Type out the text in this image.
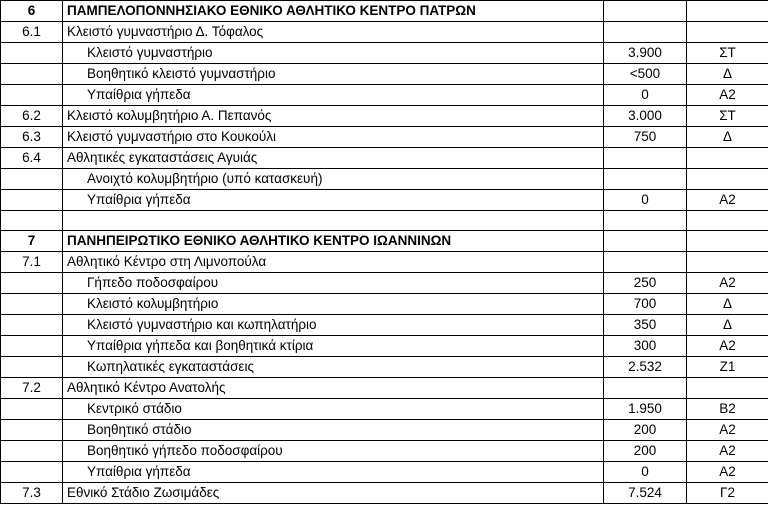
6	ΠΑΜΠΕΛΟΠΟΝΝΗΣΙΑΚΟ ΕΘΝΙΚΟ ΑΘΛΗΤΙΚΟ ΚΕΝΤΡΟ ΠΑΤΡΩΝ		
6.1	Κλειστό γυμναστήριο Δ. Τόφαλος		
	Κλειστό γυμναστήριο	3.900	ΣΤ
	Βοηθητικό κλειστό γυμναστήριο	<500	Δ
	Υπαίθρια γήπεδα	0	Α2
6.2	Κλειστό κολυμβητήριο Α. Πεπανός	3.000	ΣΤ
6.3	Κλειστό γυμναστήριο στο Κουκούλι	750	Δ
6.4	Αθλητικές εγκαταστάσεις Αγυιάς		
	Ανοιχτό κολυμβητήριο (υπό κατασκευή)		
	Υπαίθρια γήπεδα	0	Α2

7	ΠΑΝΗΠΕΙΡΩΤΙΚΟ ΕΘΝΙΚΟ ΑΘΛΗΤΙΚΟ ΚΕΝΤΡΟ ΙΩΑΝΝΙΝΩΝ		
7.1	Αθλητικό Κέντρο στη Λιμνοπούλα		
	Γήπεδο ποδοσφαίρου	250	Α2
	Κλειστό κολυμβητήριο	700	Δ
	Κλειστό γυμναστήριο και κωπηλατήριο	350	Δ
	Υπαίθρια γήπεδα και βοηθητικά κτίρια	300	Α2
	Κωπηλατικές εγκαταστάσεις	2.532	Ζ1
7.2	Αθλητικό Κέντρο Ανατολής		
	Κεντρικό στάδιο	1.950	Β2
	Βοηθητικό στάδιο	200	Α2
	Βοηθητικό γήπεδο ποδοσφαίρου	200	Α2
	Υπαίθρια γήπεδα	0	Α2
7.3	Εθνικό Στάδιο Ζωσιμάδες	7.524	Γ2
